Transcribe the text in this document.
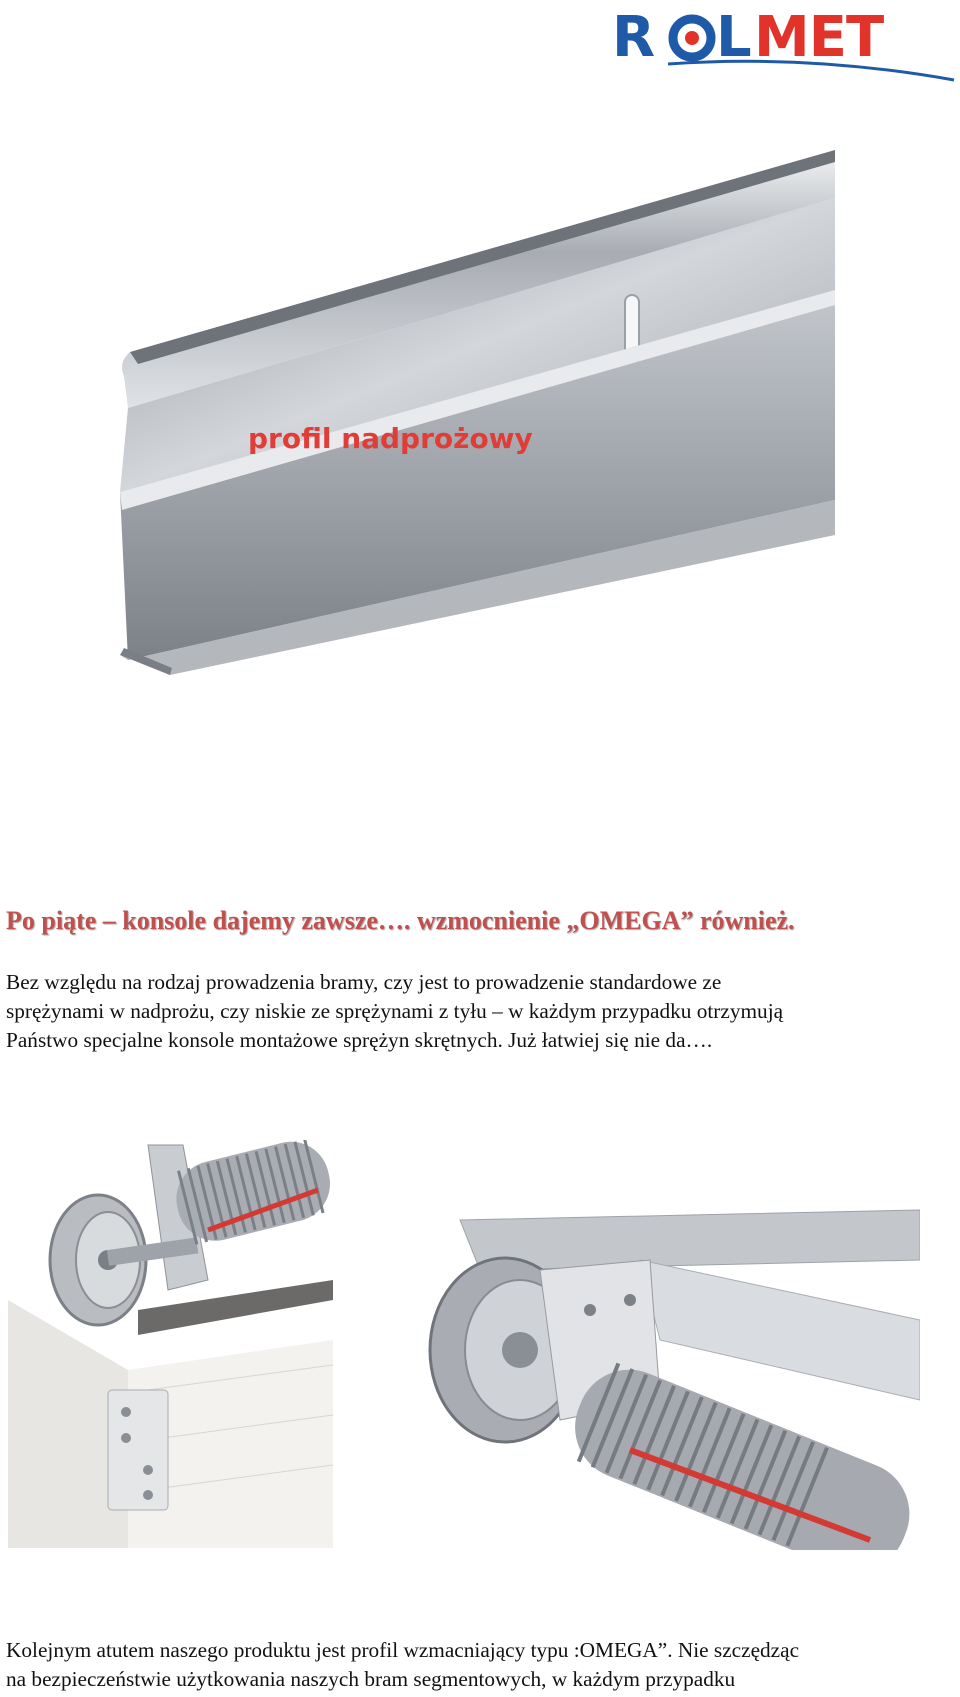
R L MET
profil nadprożowy
Po piąte – konsole dajemy zawsze…. wzmocnienie „OMEGA” również.

Bez względu na rodzaj prowadzenia bramy, czy jest to prowadzenie standardowe ze
sprężynami w nadprożu, czy niskie ze sprężynami z tyłu – w każdym przypadku otrzymują
Państwo specjalne konsole montażowe sprężyn skrętnych. Już łatwiej się nie da….

Kolejnym atutem naszego produktu jest profil wzmacniający typu :OMEGA”. Nie szczędząc
na bezpieczeństwie użytkowania naszych bram segmentowych, w każdym przypadku
